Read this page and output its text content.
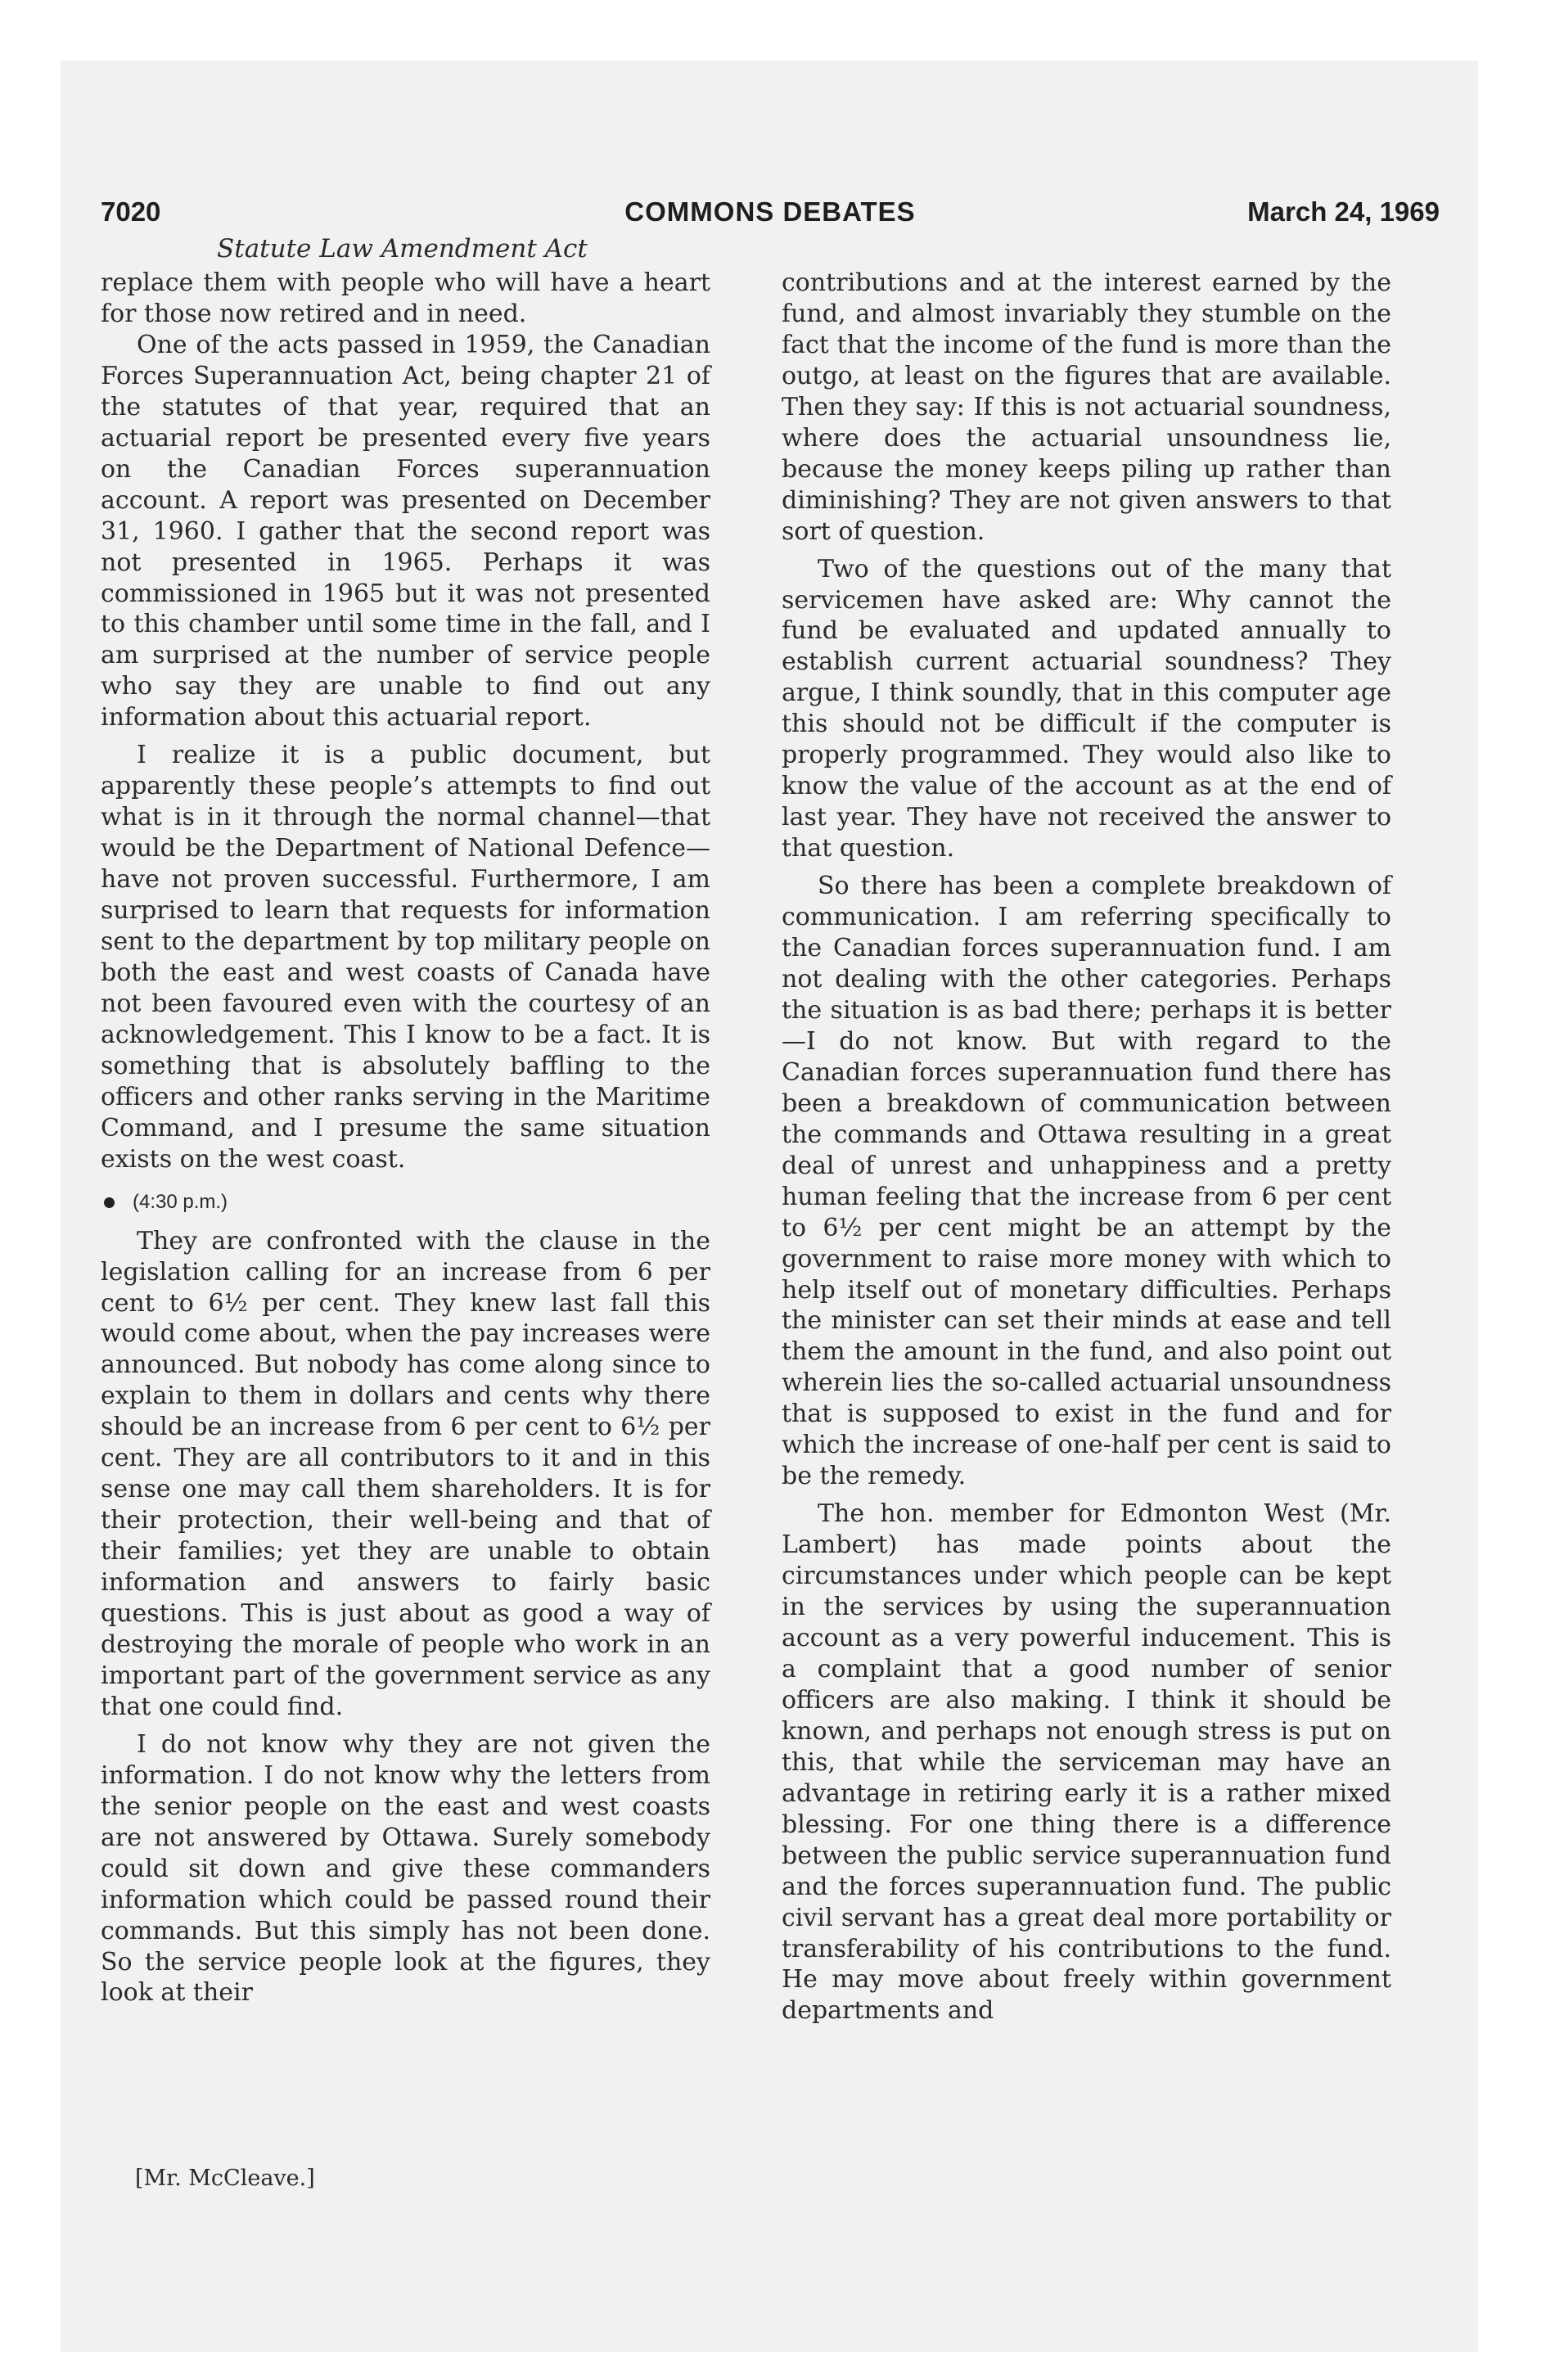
7020	COMMONS DEBATES	March 24, 1969
Statute Law Amendment Act

replace them with people who will have a heart for those now retired and in need.

One of the acts passed in 1959, the Canadian Forces Superannuation Act, being chapter 21 of the statutes of that year, required that an actuarial report be presented every five years on the Canadian Forces superannuation account. A report was presented on December 31, 1960. I gather that the second report was not presented in 1965. Perhaps it was commissioned in 1965 but it was not presented to this chamber until some time in the fall, and I am surprised at the number of service people who say they are unable to find out any information about this actuarial report.

I realize it is a public document, but apparently these people’s attempts to find out what is in it through the normal channel—that would be the Department of National Defence—have not proven successful. Furthermore, I am surprised to learn that requests for information sent to the department by top military people on both the east and west coasts of Canada have not been favoured even with the courtesy of an acknowledgement. This I know to be a fact. It is something that is absolutely baffling to the officers and other ranks serving in the Maritime Command, and I presume the same situation exists on the west coast.

(4:30 p.m.)

They are confronted with the clause in the legislation calling for an increase from 6 per cent to 6½ per cent. They knew last fall this would come about, when the pay increases were announced. But nobody has come along since to explain to them in dollars and cents why there should be an increase from 6 per cent to 6½ per cent. They are all contributors to it and in this sense one may call them shareholders. It is for their protection, their well-being and that of their families; yet they are unable to obtain information and answers to fairly basic questions. This is just about as good a way of destroying the morale of people who work in an important part of the government service as any that one could find.

I do not know why they are not given the information. I do not know why the letters from the senior people on the east and west coasts are not answered by Ottawa. Surely somebody could sit down and give these commanders information which could be passed round their commands. But this simply has not been done. So the service people look at the figures, they look at their

contributions and at the interest earned by the fund, and almost invariably they stumble on the fact that the income of the fund is more than the outgo, at least on the figures that are available. Then they say: If this is not actuarial soundness, where does the actuarial unsoundness lie, because the money keeps piling up rather than diminishing? They are not given answers to that sort of question.

Two of the questions out of the many that servicemen have asked are: Why cannot the fund be evaluated and updated annually to establish current actuarial soundness? They argue, I think soundly, that in this computer age this should not be difficult if the computer is properly programmed. They would also like to know the value of the account as at the end of last year. They have not received the answer to that question.

So there has been a complete breakdown of communication. I am referring specifically to the Canadian forces superannuation fund. I am not dealing with the other categories. Perhaps the situation is as bad there; perhaps it is better—I do not know. But with regard to the Canadian forces superannuation fund there has been a breakdown of communication between the commands and Ottawa resulting in a great deal of unrest and unhappiness and a pretty human feeling that the increase from 6 per cent to 6½ per cent might be an attempt by the government to raise more money with which to help itself out of monetary difficulties. Perhaps the minister can set their minds at ease and tell them the amount in the fund, and also point out wherein lies the so-called actuarial unsoundness that is supposed to exist in the fund and for which the increase of one-half per cent is said to be the remedy.

The hon. member for Edmonton West (Mr. Lambert) has made points about the circumstances under which people can be kept in the services by using the superannuation account as a very powerful inducement. This is a complaint that a good number of senior officers are also making. I think it should be known, and perhaps not enough stress is put on this, that while the serviceman may have an advantage in retiring early it is a rather mixed blessing. For one thing there is a difference between the public service superannuation fund and the forces superannuation fund. The public civil servant has a great deal more portability or transferability of his contributions to the fund. He may move about freely within government departments and

[Mr. McCleave.]
